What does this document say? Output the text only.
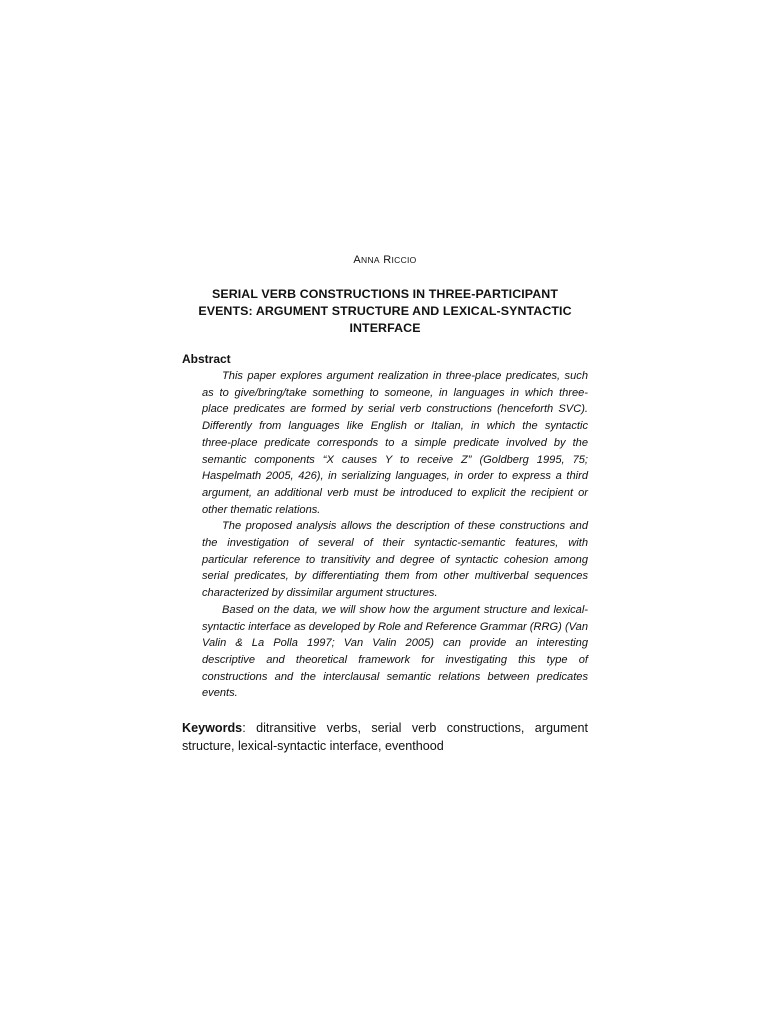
ANNA RICCIO
SERIAL VERB CONSTRUCTIONS IN THREE-PARTICIPANT
EVENTS: ARGUMENT STRUCTURE AND LEXICAL-SYNTACTIC
INTERFACE
Abstract
This paper explores argument realization in three-place predicates, such
as to give/bring/take something to someone, in languages in which three-
place predicates are formed by serial verb constructions (henceforth SVC).
Differently from languages like English or Italian, in which the syntactic
three-place predicate corresponds to a simple predicate involved by the
semantic components “X causes Y to receive Z” (Goldberg 1995, 75;
Haspelmath 2005, 426), in serializing languages, in order to express a third
argument, an additional verb must be introduced to explicit the recipient or
other thematic relations.
The proposed analysis allows the description of these constructions and
the investigation of several of their syntactic-semantic features, with
particular reference to transitivity and degree of syntactic cohesion among
serial predicates, by differentiating them from other multiverbal sequences
characterized by dissimilar argument structures.
Based on the data, we will show how the argument structure and lexical-
syntactic interface as developed by Role and Reference Grammar (RRG) (Van
Valin & La Polla 1997; Van Valin 2005) can provide an interesting
descriptive and theoretical framework for investigating this type of
constructions and the interclausal semantic relations between predicates
events.
Keywords: ditransitive verbs, serial verb constructions, argument
structure, lexical-syntactic interface, eventhood
